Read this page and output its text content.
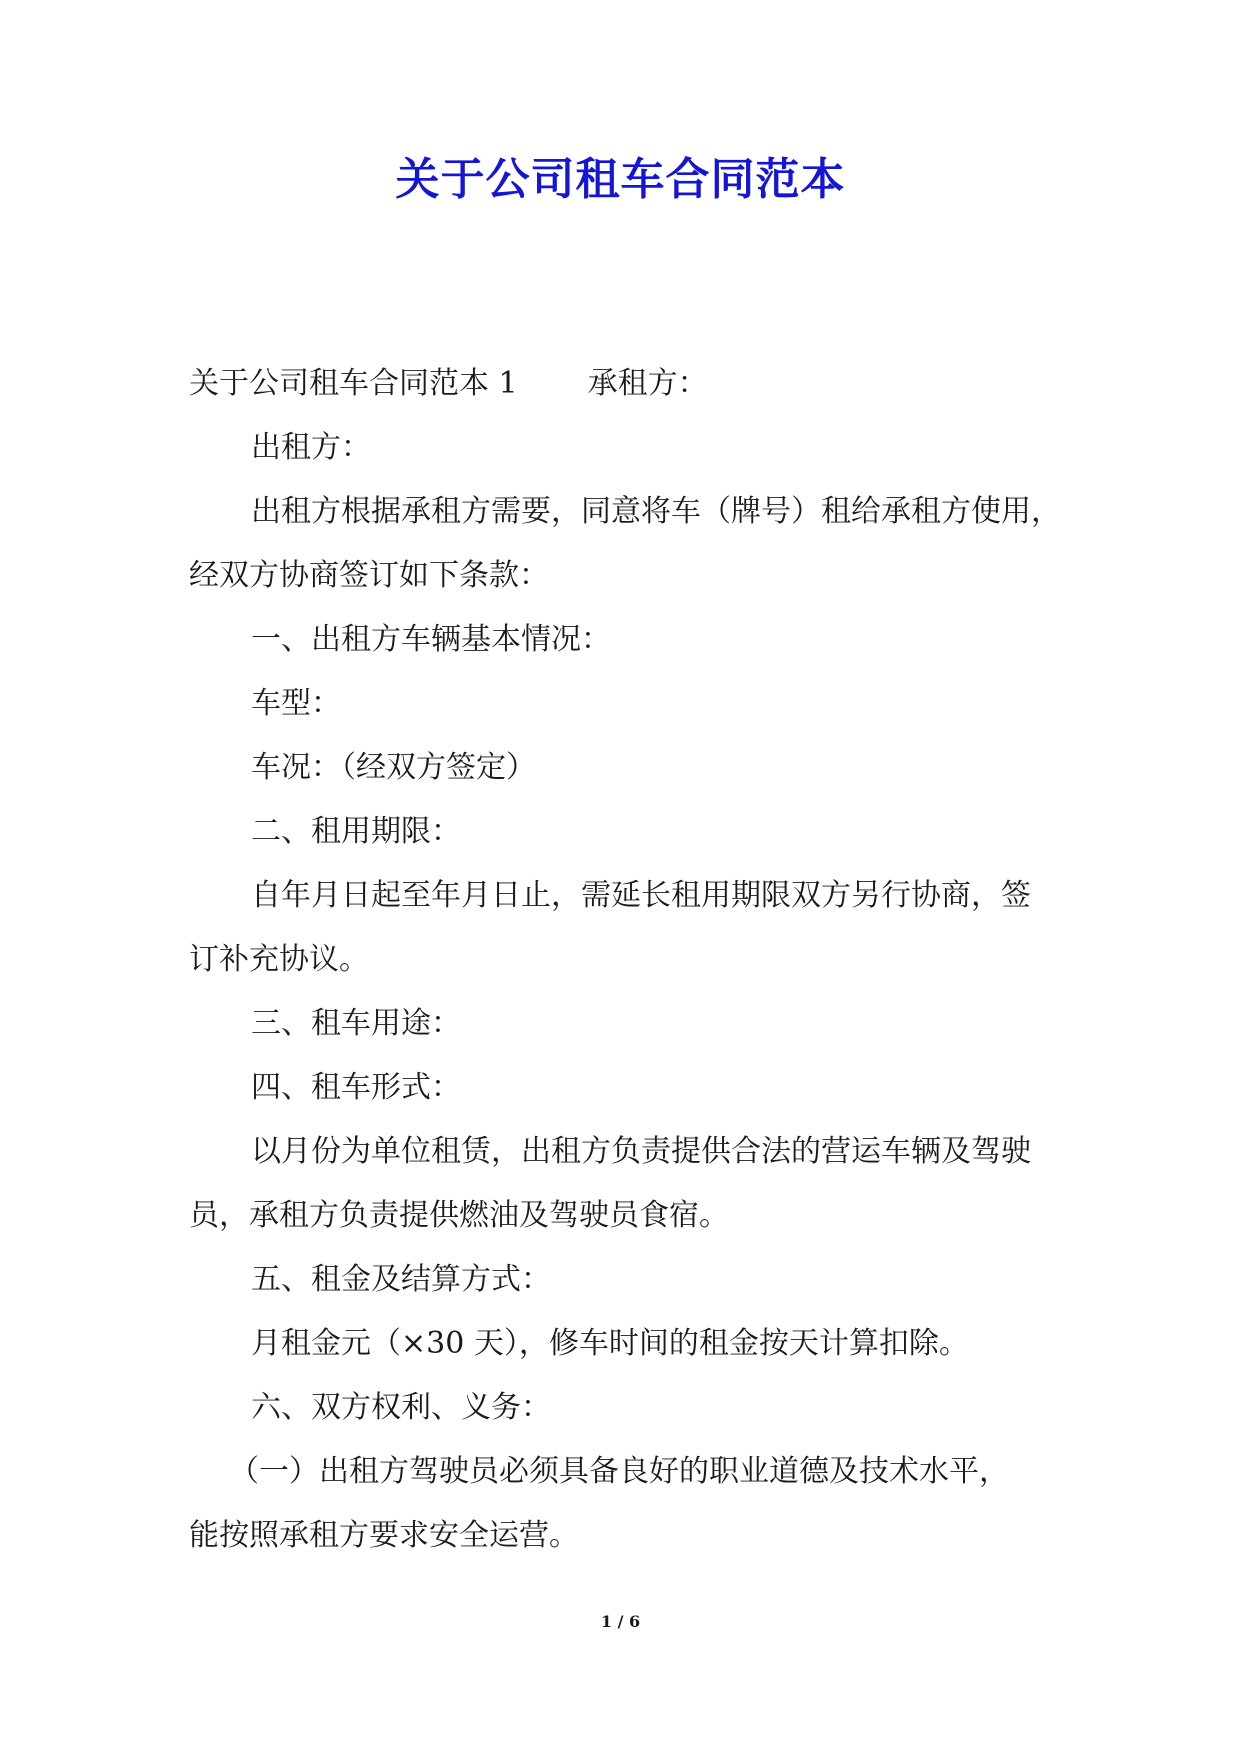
关于公司租车合同范本

关于公司租车合同范本 1 承租方：

出租方：

出租方根据承租方需要，同意将车（牌号）租给承租方使用，

经双方协商签订如下条款：

一、出租方车辆基本情况：

车型：

车况：（经双方签定）

二、租用期限：

自年月日起至年月日止，需延长租用期限双方另行协商，签

订补充协议。

三、租车用途：

四、租车形式：

以月份为单位租赁，出租方负责提供合法的营运车辆及驾驶

员，承租方负责提供燃油及驾驶员食宿。

五、租金及结算方式：

月租金元（×30 天），修车时间的租金按天计算扣除。

六、双方权利、义务：

（一）出租方驾驶员必须具备良好的职业道德及技术水平，

能按照承租方要求安全运营。

1 / 6
